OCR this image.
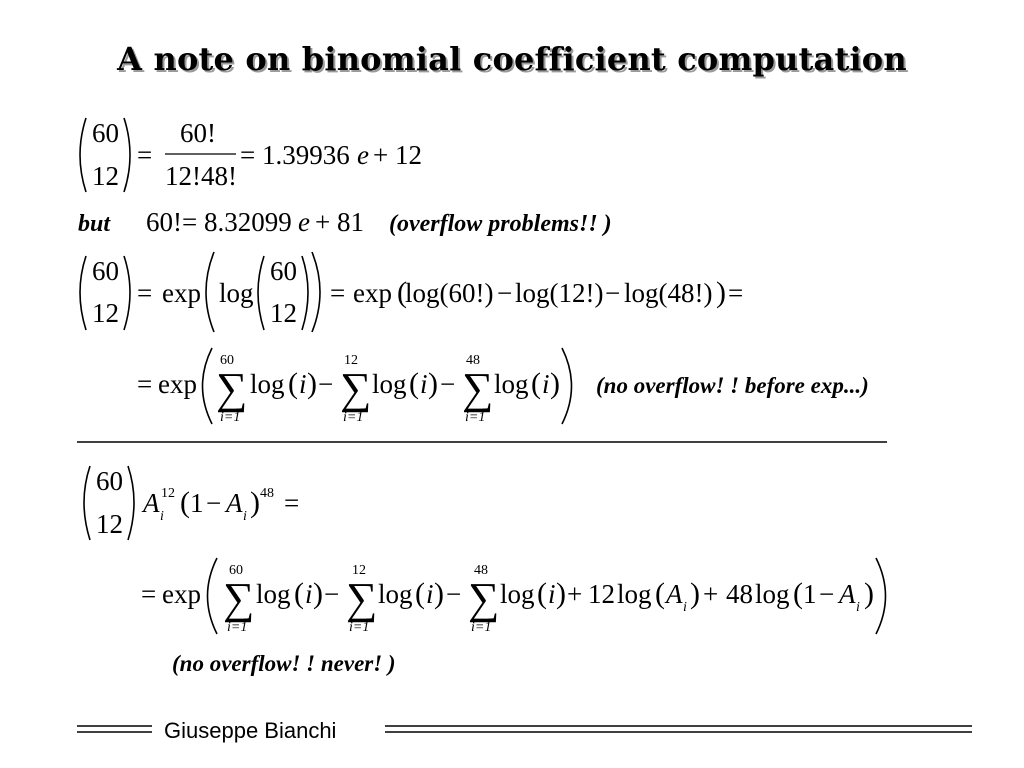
A note on binomial coefficient computation
60
12
=
60!
12!48!
= 1.39936 e + 12
but 60!= 8.32099 e + 81 (overflow problems!! )
60
12
= exp log
60
12
= exp (
log(60!) − log(12!) − log(48!) ) =
= exp
60
∑
i=1
log ( i ) −
12
∑
i=1
log ( i ) −
48
∑
i=1
log ( i ) (no overflow! ! before exp...)
60
12
A 12
i ( 1 − A i ) 48 =
= exp
60
∑
i=1
log ( i ) −
12
∑
i=1
log ( i ) −
48
∑
i=1
log ( i ) + 12 log ( A i ) + 48 log ( 1 − A i )
(no overflow! ! never! )
Giuseppe Bianchi
